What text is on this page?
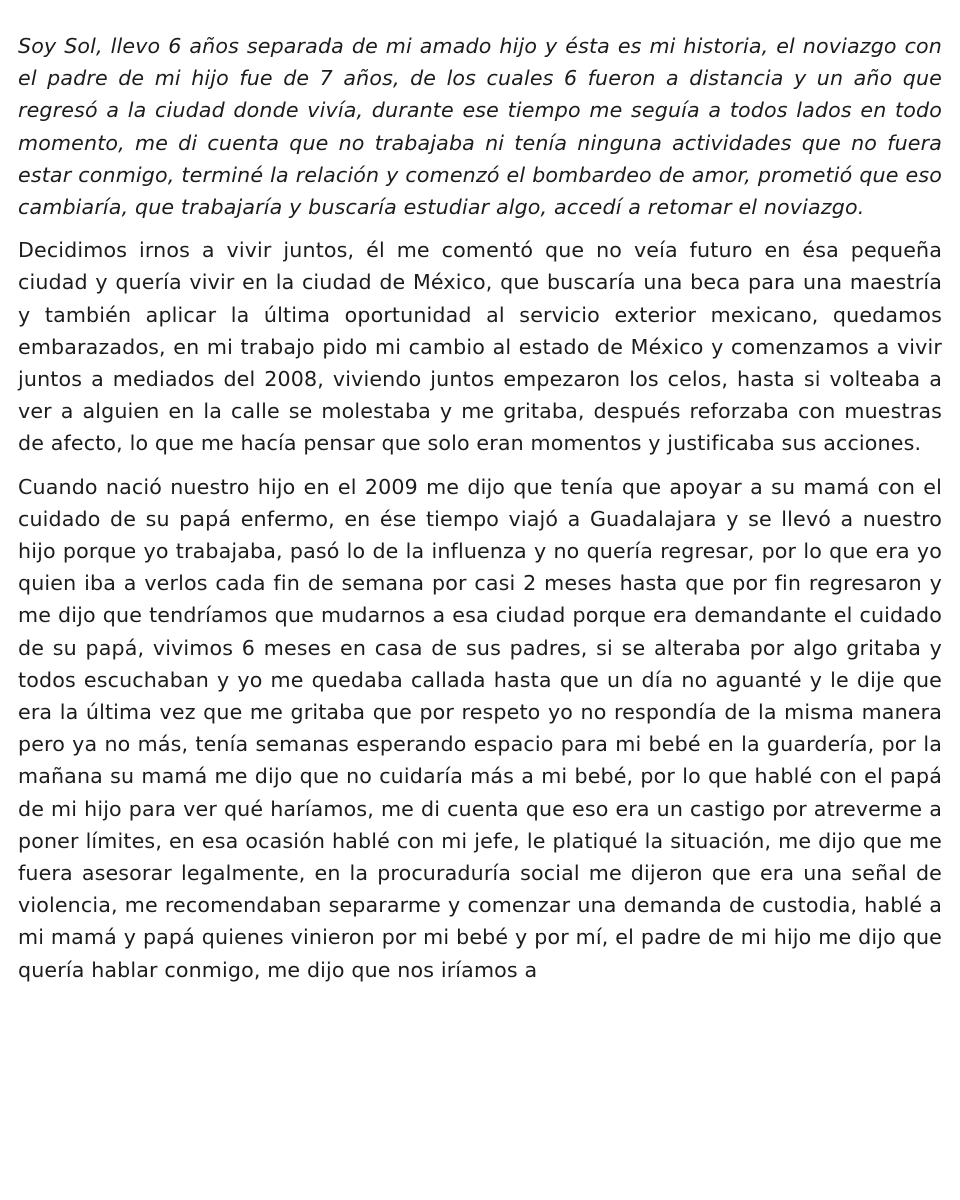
Soy Sol, llevo 6 años separada de mi amado hijo y ésta es mi historia, el noviazgo con el padre de mi hijo fue de 7 años, de los cuales 6 fueron a distancia y un año que regresó a la ciudad donde vivía, durante ese tiempo me seguía a todos lados en todo momento, me di cuenta que no trabajaba ni tenía ninguna actividades que no fuera estar conmigo, terminé la relación y comenzó el bombardeo de amor, prometió que eso cambiaría, que trabajaría y buscaría estudiar algo, accedí a retomar el noviazgo.

Decidimos irnos a vivir juntos, él me comentó que no veía futuro en ésa pequeña ciudad y quería vivir en la ciudad de México, que buscaría una beca para una maestría y también aplicar la última oportunidad al servicio exterior mexicano, quedamos embarazados, en mi trabajo pido mi cambio al estado de México y comenzamos a vivir juntos a mediados del 2008, viviendo juntos empezaron los celos, hasta si volteaba a ver a alguien en la calle se molestaba y me gritaba, después reforzaba con muestras de afecto, lo que me hacía pensar que solo eran momentos y justificaba sus acciones.

Cuando nació nuestro hijo en el 2009 me dijo que tenía que apoyar a su mamá con el cuidado de su papá enfermo, en ése tiempo viajó a Guadalajara y se llevó a nuestro hijo porque yo trabajaba, pasó lo de la influenza y no quería regresar, por lo que era yo quien iba a verlos cada fin de semana por casi 2 meses hasta que por fin regresaron y me dijo que tendríamos que mudarnos a esa ciudad porque era demandante el cuidado de su papá, vivimos 6 meses en casa de sus padres, si se alteraba por algo gritaba y todos escuchaban y yo me quedaba callada hasta que un día no aguanté y le dije que era la última vez que me gritaba que por respeto yo no respondía de la misma manera pero ya no más, tenía semanas esperando espacio para mi bebé en la guardería, por la mañana su mamá me dijo que no cuidaría más a mi bebé, por lo que hablé con el papá de mi hijo para ver qué haríamos, me di cuenta que eso era un castigo por atreverme a poner límites, en esa ocasión hablé con mi jefe, le platiqué la situación, me dijo que me fuera asesorar legalmente, en la procuraduría social me dijeron que era una señal de violencia, me recomendaban separarme y comenzar una demanda de custodia, hablé a mi mamá y papá quienes vinieron por mi bebé y por mí, el padre de mi hijo me dijo que quería hablar conmigo, me dijo que nos iríamos a
